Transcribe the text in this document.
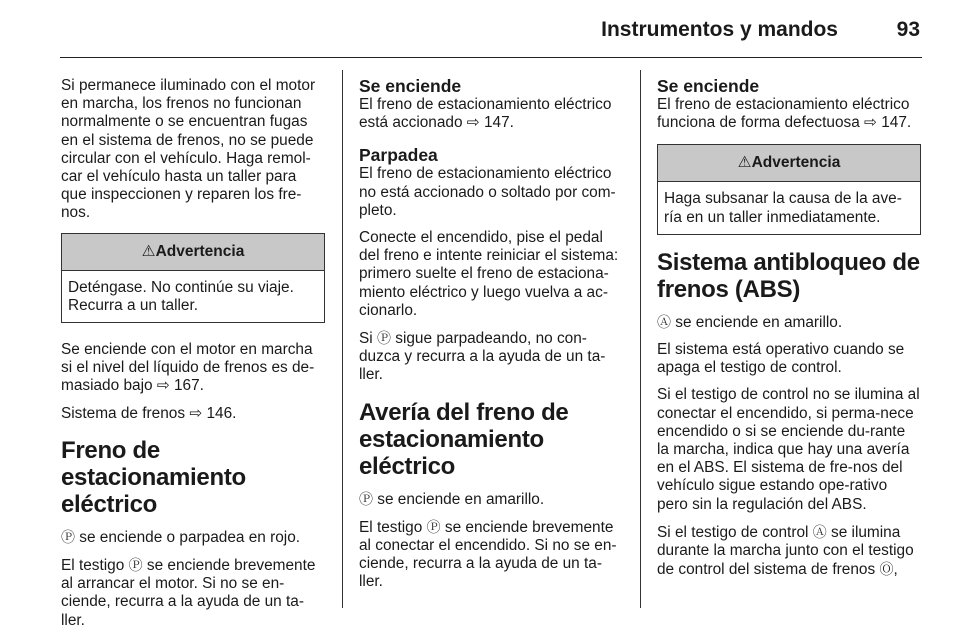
Instrumentos y mandos	93

Si permanece iluminado con el motor en marcha, los frenos no funcionan normalmente o se encuentran fugas en el sistema de frenos, no se puede circular con el vehículo. Haga remol-car el vehículo hasta un taller para que inspeccionen y reparen los fre-nos.

⚠Advertencia
Deténgase. No continúe su viaje. Recurra a un taller.

Se enciende con el motor en marcha si el nivel del líquido de frenos es de-masiado bajo ⇨ 167.

Sistema de frenos ⇨ 146.

Freno de estacionamiento eléctrico

Ⓟ se enciende o parpadea en rojo.

El testigo Ⓟ se enciende brevemente al arrancar el motor. Si no se en-ciende, recurra a la ayuda de un ta-ller.

Se enciende

El freno de estacionamiento eléctrico está accionado ⇨ 147.

Parpadea

El freno de estacionamiento eléctrico no está accionado o soltado por com-pleto.

Conecte el encendido, pise el pedal del freno e intente reiniciar el sistema: primero suelte el freno de estaciona-miento eléctrico y luego vuelva a ac-cionarlo.

Si Ⓟ sigue parpadeando, no con-duzca y recurra a la ayuda de un ta-ller.

Avería del freno de estacionamiento eléctrico

Ⓟ se enciende en amarillo.

El testigo Ⓟ se enciende brevemente al conectar el encendido. Si no se en-ciende, recurra a la ayuda de un ta-ller.

Se enciende

El freno de estacionamiento eléctrico funciona de forma defectuosa ⇨ 147.

⚠Advertencia
Haga subsanar la causa de la ave-ría en un taller inmediatamente.
Sistema antibloqueo de frenos (ABS)

Ⓐ se enciende en amarillo.

El sistema está operativo cuando se apaga el testigo de control.

Si el testigo de control no se ilumina al conectar el encendido, si perma-nece encendido o si se enciende du-rante la marcha, indica que hay una avería en el ABS. El sistema de fre-nos del vehículo sigue estando ope-rativo pero sin la regulación del ABS.

Si el testigo de control Ⓐ se ilumina durante la marcha junto con el testigo de control del sistema de frenos Ⓞ,
